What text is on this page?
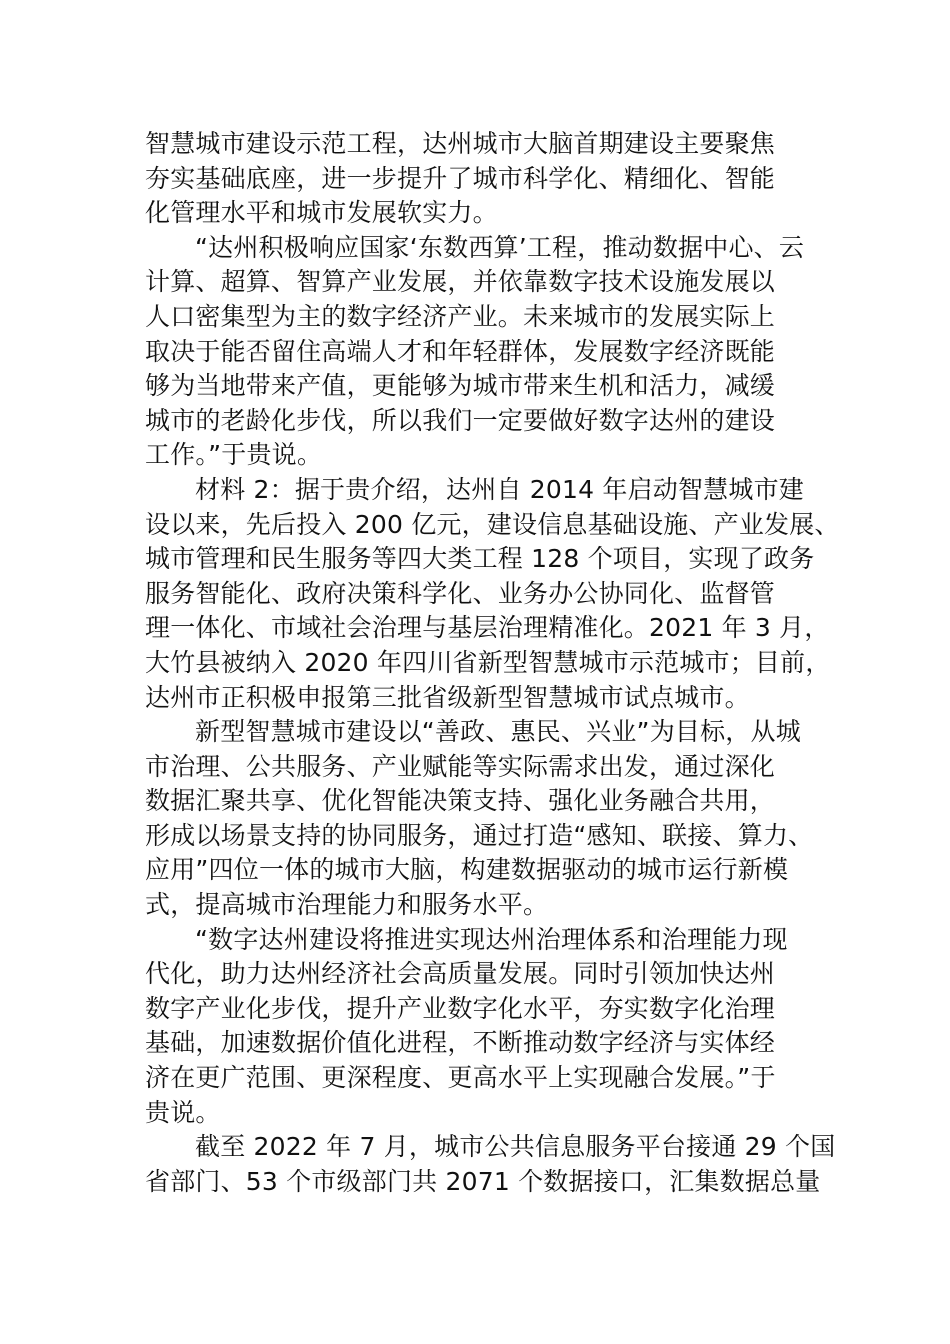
智慧城市建设示范工程，达州城市大脑首期建设主要聚焦
夯实基础底座，进一步提升了城市科学化、精细化、智能
化管理水平和城市发展软实力。
“达州积极响应国家‘东数西算’工程，推动数据中心、云
计算、超算、智算产业发展，并依靠数字技术设施发展以
人口密集型为主的数字经济产业。未来城市的发展实际上
取决于能否留住高端人才和年轻群体，发展数字经济既能
够为当地带来产值，更能够为城市带来生机和活力，减缓
城市的老龄化步伐，所以我们一定要做好数字达州的建设
工作。”于贵说。
材料 2：据于贵介绍，达州自 2014 年启动智慧城市建
设以来，先后投入 200 亿元，建设信息基础设施、产业发展、
城市管理和民生服务等四大类工程 128 个项目，实现了政务
服务智能化、政府决策科学化、业务办公协同化、监督管
理一体化、市域社会治理与基层治理精准化。2021 年 3 月，
大竹县被纳入 2020 年四川省新型智慧城市示范城市；目前，
达州市正积极申报第三批省级新型智慧城市试点城市。
新型智慧城市建设以“善政、惠民、兴业”为目标，从城
市治理、公共服务、产业赋能等实际需求出发，通过深化
数据汇聚共享、优化智能决策支持、强化业务融合共用，
形成以场景支持的协同服务，通过打造“感知、联接、算力、
应用”四位一体的城市大脑，构建数据驱动的城市运行新模
式，提高城市治理能力和服务水平。
“数字达州建设将推进实现达州治理体系和治理能力现
代化，助力达州经济社会高质量发展。同时引领加快达州
数字产业化步伐，提升产业数字化水平，夯实数字化治理
基础，加速数据价值化进程，不断推动数字经济与实体经
济在更广范围、更深程度、更高水平上实现融合发展。”于
贵说。
截至 2022 年 7 月，城市公共信息服务平台接通 29 个国
省部门、53 个市级部门共 2071 个数据接口，汇集数据总量
